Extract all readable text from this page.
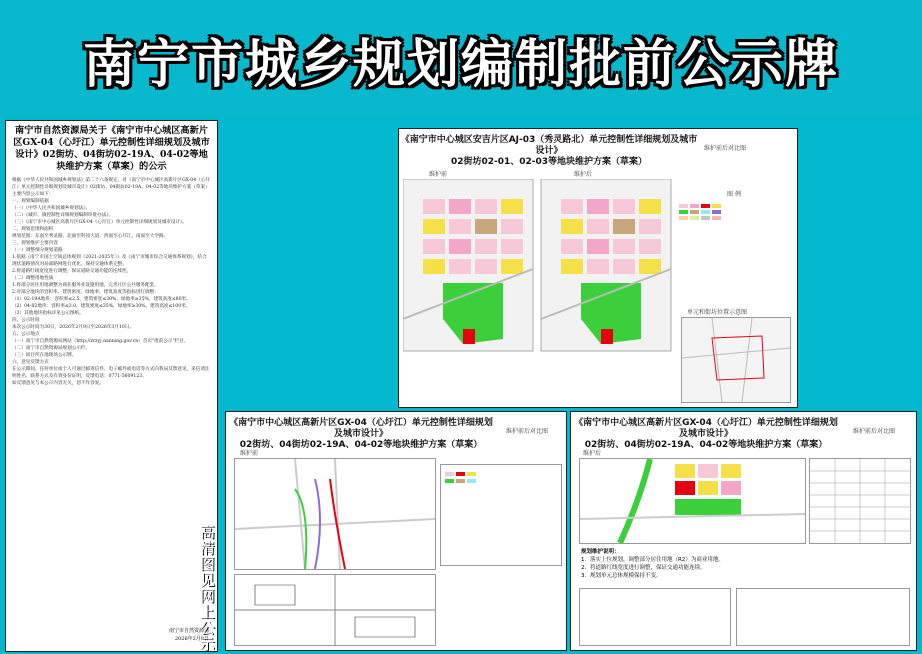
南宁市城乡规划编制批前公示牌
南宁市自然资源局关于《南宁市中心城区高新片区GX-04（心圩江）单元控制性详细规划及城市设计》02街坊、04街坊02-19A、04-02等地块维护方案（草案）的公示

根据《中华人民共和国城乡规划法》第二十六条规定，对《南宁市中心城区高新片区GX-04（心圩江）单元控制性详细规划及城市设计》02街坊、04街坊02-19A、04-02等地块维护方案（草案）主要内容公示如下：

一、规划编制依据

（一）《中华人民共和国城乡规划法》。

（二）《城市、镇控制性详细规划编制审批办法》。

（三）《南宁市中心城区高新片区GX-04（心圩江）单元控制性详细规划及城市设计》。

二、规划范围和面积

规划范围：东面至秀灵路、北面至科园大道、西面至心圩江、南面至大学路。

三、规划维护主要内容

（一）调整细分规划道路

1.依据《南宁市国土空间总体规划（2021-2035年）》及《南宁市城市综合交通体系规划》，结合现状道路情况对局部路网进行优化，保持交通体系完整。

2.将道路红线宽度进行调整，保证道路交通功能的连续性。

（二）调整用地性质

1.将部分居住用地调整为商业服务业设施用地，完善片区公共服务配套。

2.对部分地块的容积率、建筑密度、绿地率、建筑高度等指标进行调整：

（1）02-19A地块：容积率≤2.5，建筑密度≤30%，绿地率≥35%，建筑高度≤80米。

（2）04-02地块：容积率≤3.0，建筑密度≤35%，绿地率≥30%，建筑高度≤100米。

（3）其他地块指标详见公示图纸。

四、公示时间

本次公示时间为30日，2026年2月9日至2026年3月10日。

五、公示地点

（一）南宁市自然资源局网站（http://zrzyj.nanning.gov.cn）首页"批前公示"栏目。

（二）南宁市自然资源局规划公示栏。

（三）项目所在地现场公示牌。

六、意见反馈方式

在公示期间，任何单位或个人可通过邮寄信件、电子邮件或电话等方式向我局反馈意见，来信请注明姓名、联系方式及有效身份证明，反馈电话：0771-5609123。

如反馈意见与本公示内容无关，恕不作答复。

南宁市自然资源局
2026年2月9日
高清图见网上公示
《南宁市中心城区安吉片区AJ-03（秀灵路北）单元控制性详细规划及城市设计》
02街坊02-01、02-03等地块维护方案（草案）
维护前后对比图
维护前	维护后
图 例

单元和街坊位置示意图
《南宁市中心城区高新片区GX-04（心圩江）单元控制性详细规划及城市设计》
02街坊、04街坊02-19A、04-02等地块维护方案（草案）
维护前后对比图
维护前

《南宁市中心城区高新片区GX-04（心圩江）单元控制性详细规划及城市设计》
02街坊、04街坊02-19A、04-02等地块维护方案（草案）
维护前后对比图
维护后
规划维护说明：
1．落实上位规划，调整部分居住用地（R2）为商业用地。
2．将道路红线宽度进行调整，保证交通功能连续。
3．规划单元总体规模保持不变。
